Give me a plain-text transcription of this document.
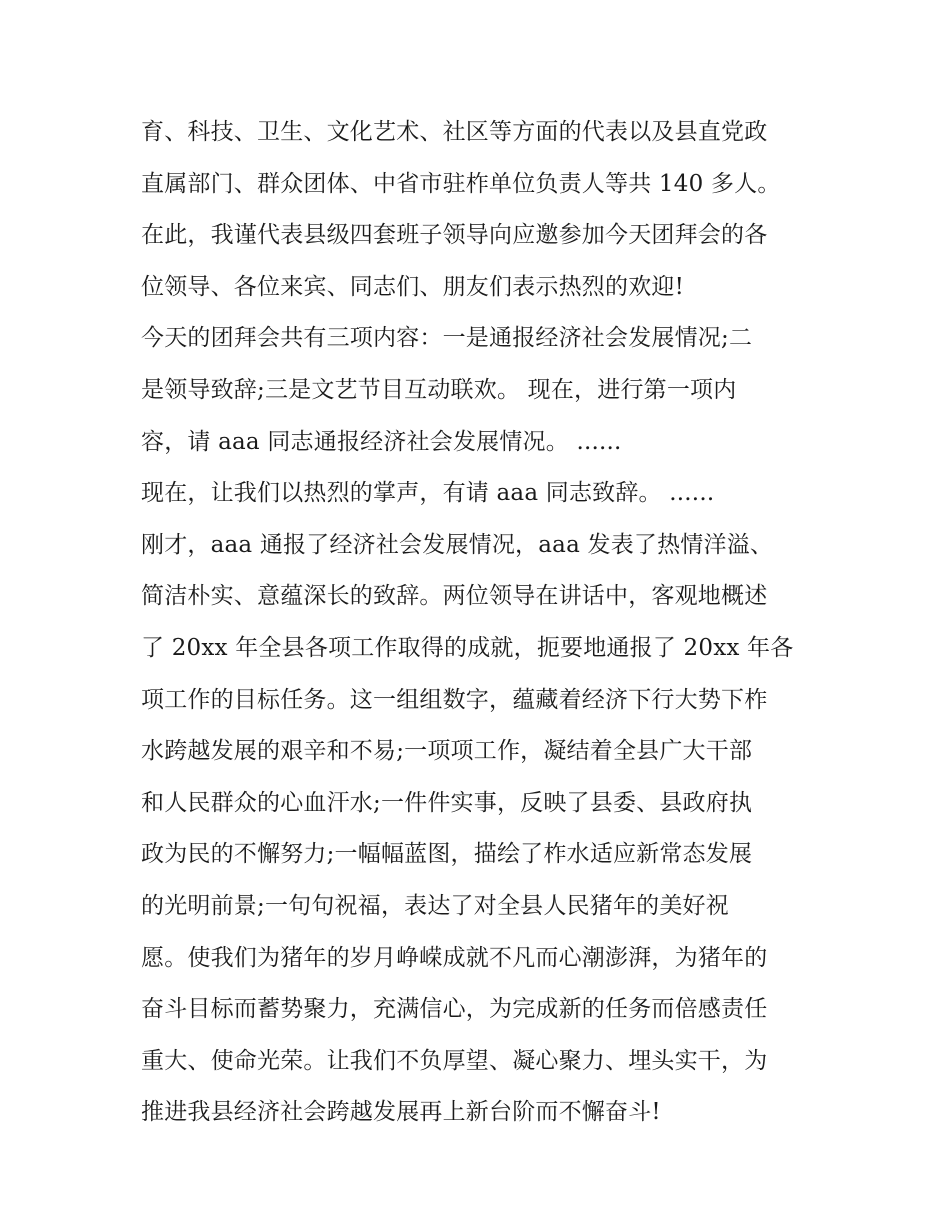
育、科技、卫生、文化艺术、社区等方面的代表以及县直党政
直属部门、群众团体、中省市驻柞单位负责人等共 140 多人。
在此，我谨代表县级四套班子领导向应邀参加今天团拜会的各
位领导、各位来宾、同志们、朋友们表示热烈的欢迎!
今天的团拜会共有三项内容：一是通报经济社会发展情况;二
是领导致辞;三是文艺节目互动联欢。 现在，进行第一项内
容，请 aaa 同志通报经济社会发展情况。 ......
现在，让我们以热烈的掌声，有请 aaa 同志致辞。 ......
刚才，aaa 通报了经济社会发展情况，aaa 发表了热情洋溢、
简洁朴实、意蕴深长的致辞。两位领导在讲话中，客观地概述
了 20xx 年全县各项工作取得的成就，扼要地通报了 20xx 年各
项工作的目标任务。这一组组数字，蕴藏着经济下行大势下柞
水跨越发展的艰辛和不易;一项项工作，凝结着全县广大干部
和人民群众的心血汗水;一件件实事，反映了县委、县政府执
政为民的不懈努力;一幅幅蓝图，描绘了柞水适应新常态发展
的光明前景;一句句祝福，表达了对全县人民猪年的美好祝
愿。使我们为猪年的岁月峥嵘成就不凡而心潮澎湃，为猪年的
奋斗目标而蓄势聚力，充满信心，为完成新的任务而倍感责任
重大、使命光荣。让我们不负厚望、凝心聚力、埋头实干，为
推进我县经济社会跨越发展再上新台阶而不懈奋斗!
